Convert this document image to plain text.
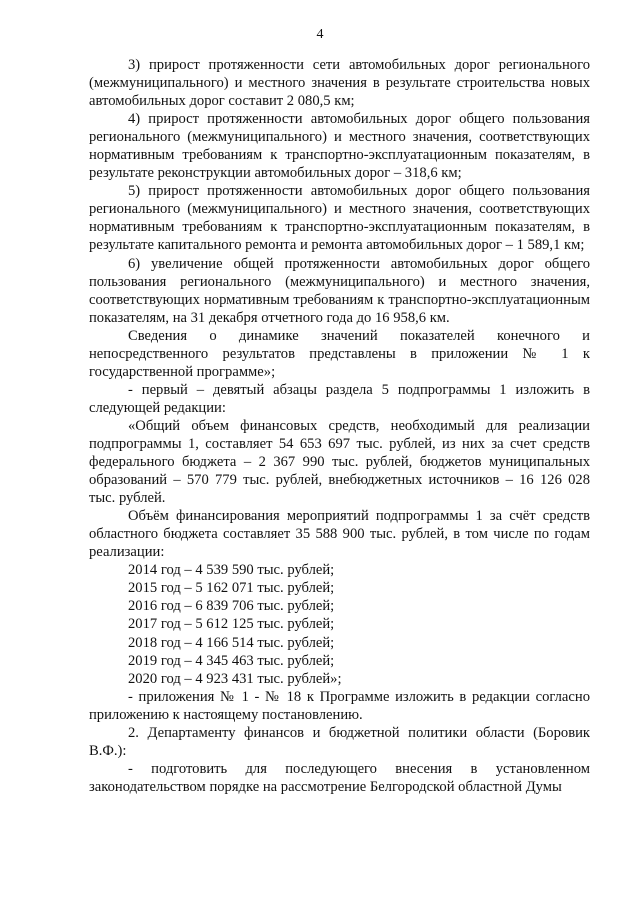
4

3) прирост протяженности сети автомобильных дорог регионального (межмуниципального) и местного значения в результате строительства новых автомобильных дорог составит 2 080,5 км;

4) прирост протяженности автомобильных дорог общего пользования регионального (межмуниципального) и местного значения, соответствующих нормативным требованиям к транспортно-эксплуатационным показателям, в результате реконструкции автомобильных дорог – 318,6 км;

5) прирост протяженности автомобильных дорог общего пользования регионального (межмуниципального) и местного значения, соответствующих нормативным требованиям к транспортно-эксплуатационным показателям, в результате капитального ремонта и ремонта автомобильных дорог – 1 589,1 км;

6) увеличение общей протяженности автомобильных дорог общего пользования регионального (межмуниципального) и местного значения, соответствующих нормативным требованиям к транспортно-эксплуатационным показателям, на 31 декабря отчетного года до 16 958,6 км.

Сведения о динамике значений показателей конечного и непосредственного результатов представлены в приложении № 1 к государственной программе»;

- первый – девятый абзацы раздела 5 подпрограммы 1 изложить в следующей редакции:

«Общий объем финансовых средств, необходимый для реализации подпрограммы 1, составляет 54 653 697 тыс. рублей, из них за счет средств федерального бюджета – 2 367 990 тыс. рублей, бюджетов муниципальных образований – 570 779 тыс. рублей, внебюджетных источников – 16 126 028 тыс. рублей.

Объём финансирования мероприятий подпрограммы 1 за счёт средств областного бюджета составляет 35 588 900 тыс. рублей, в том числе по годам реализации:

2014 год – 4 539 590 тыс. рублей;

2015 год – 5 162 071 тыс. рублей;

2016 год – 6 839 706 тыс. рублей;

2017 год – 5 612 125 тыс. рублей;

2018 год – 4 166 514 тыс. рублей;

2019 год – 4 345 463 тыс. рублей;

2020 год – 4 923 431 тыс. рублей»;

- приложения № 1 - № 18 к Программе изложить в редакции согласно приложению к настоящему постановлению.

2. Департаменту финансов и бюджетной политики области (Боровик В.Ф.):

- подготовить для последующего внесения в установленном законодательством порядке на рассмотрение Белгородской областной Думы
